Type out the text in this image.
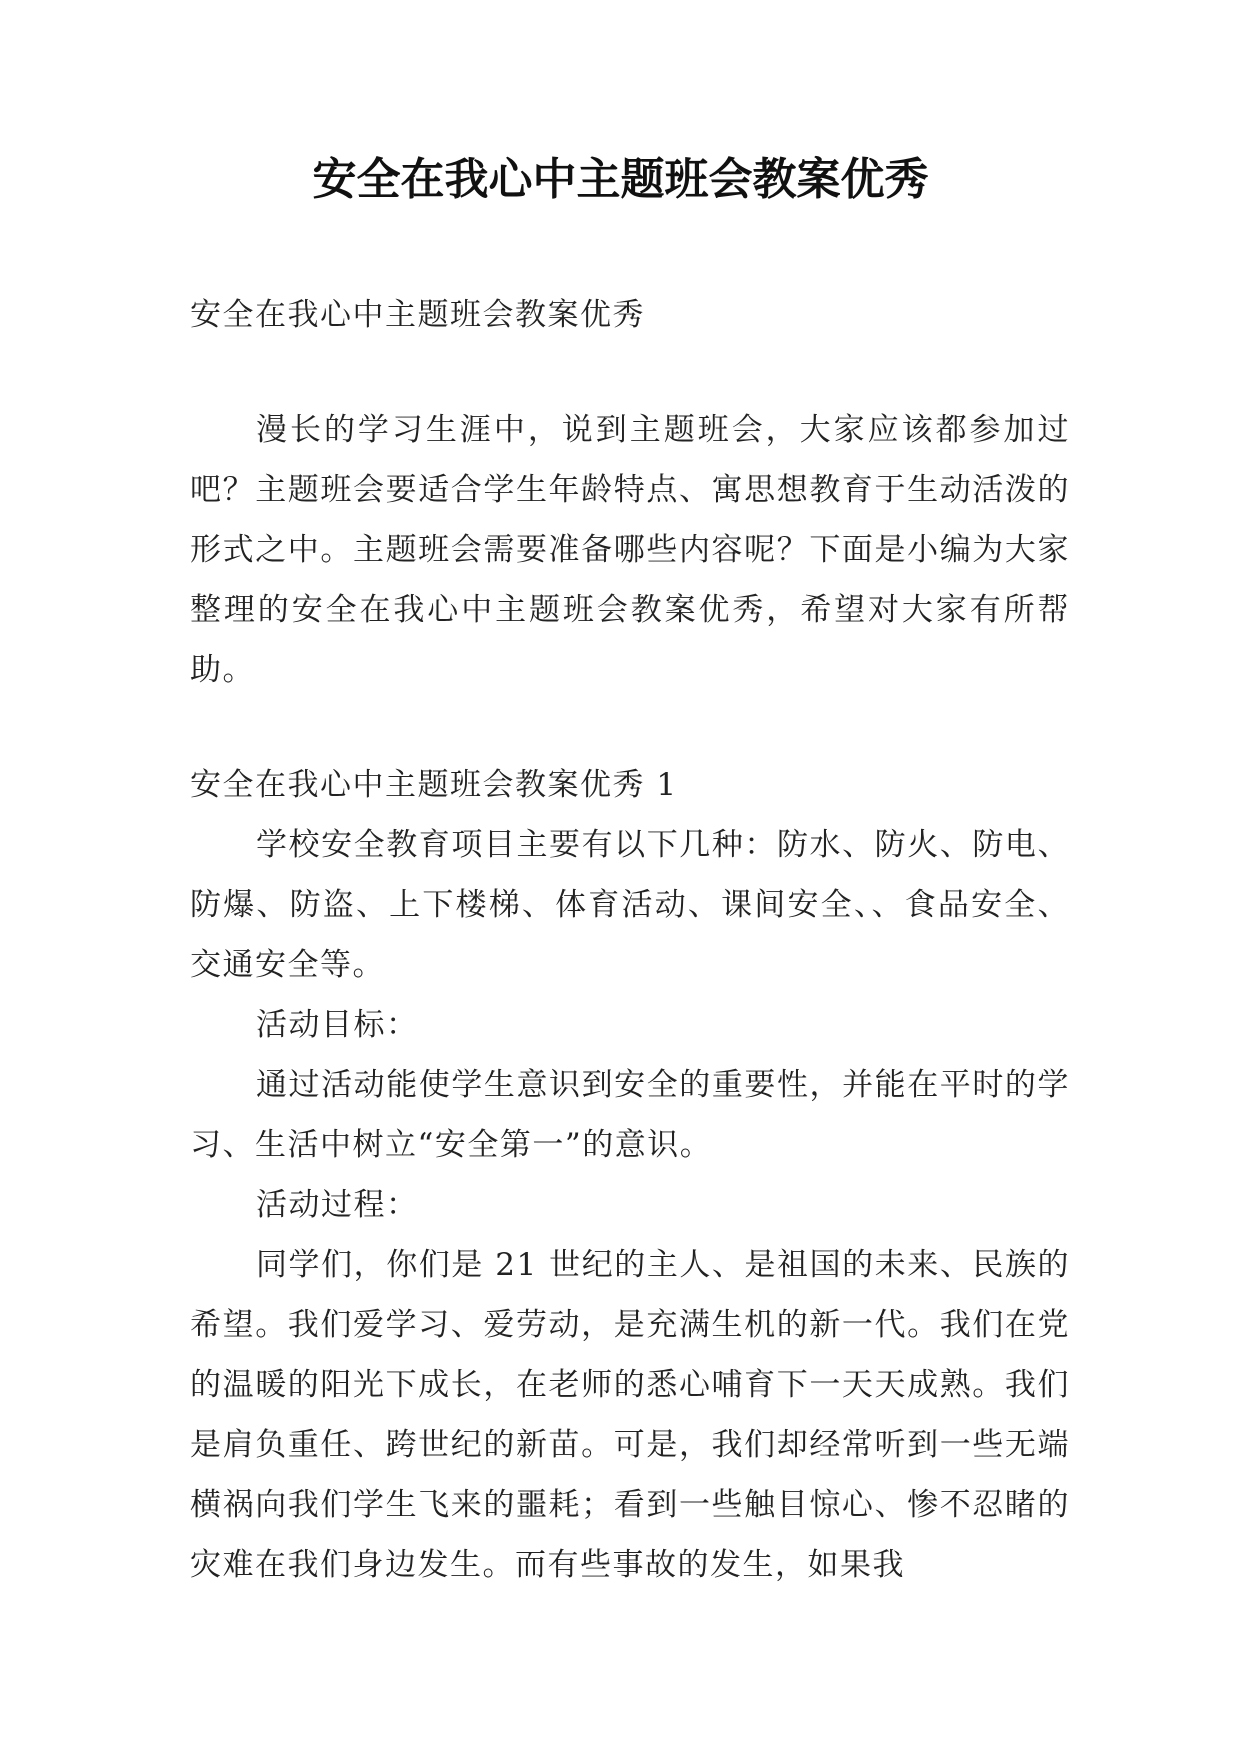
安全在我心中主题班会教案优秀

安全在我心中主题班会教案优秀

漫长的学习生涯中，说到主题班会，大家应该都参加过吧？主题班会要适合学生年龄特点、寓思想教育于生动活泼的形式之中。主题班会需要准备哪些内容呢？下面是小编为大家整理的安全在我心中主题班会教案优秀，希望对大家有所帮助。

安全在我心中主题班会教案优秀 1

学校安全教育项目主要有以下几种：防水、防火、防电、防爆、防盗、上下楼梯、体育活动、课间安全、、食品安全、交通安全等。

活动目标：

通过活动能使学生意识到安全的重要性，并能在平时的学习、生活中树立“安全第一”的意识。

活动过程：

同学们，你们是 21 世纪的主人、是祖国的未来、民族的希望。我们爱学习、爱劳动，是充满生机的新一代。我们在党的温暖的阳光下成长，在老师的悉心哺育下一天天成熟。我们是肩负重任、跨世纪的新苗。可是，我们却经常听到一些无端横祸向我们学生飞来的噩耗；看到一些触目惊心、惨不忍睹的灾难在我们身边发生。而有些事故的发生，如果我
